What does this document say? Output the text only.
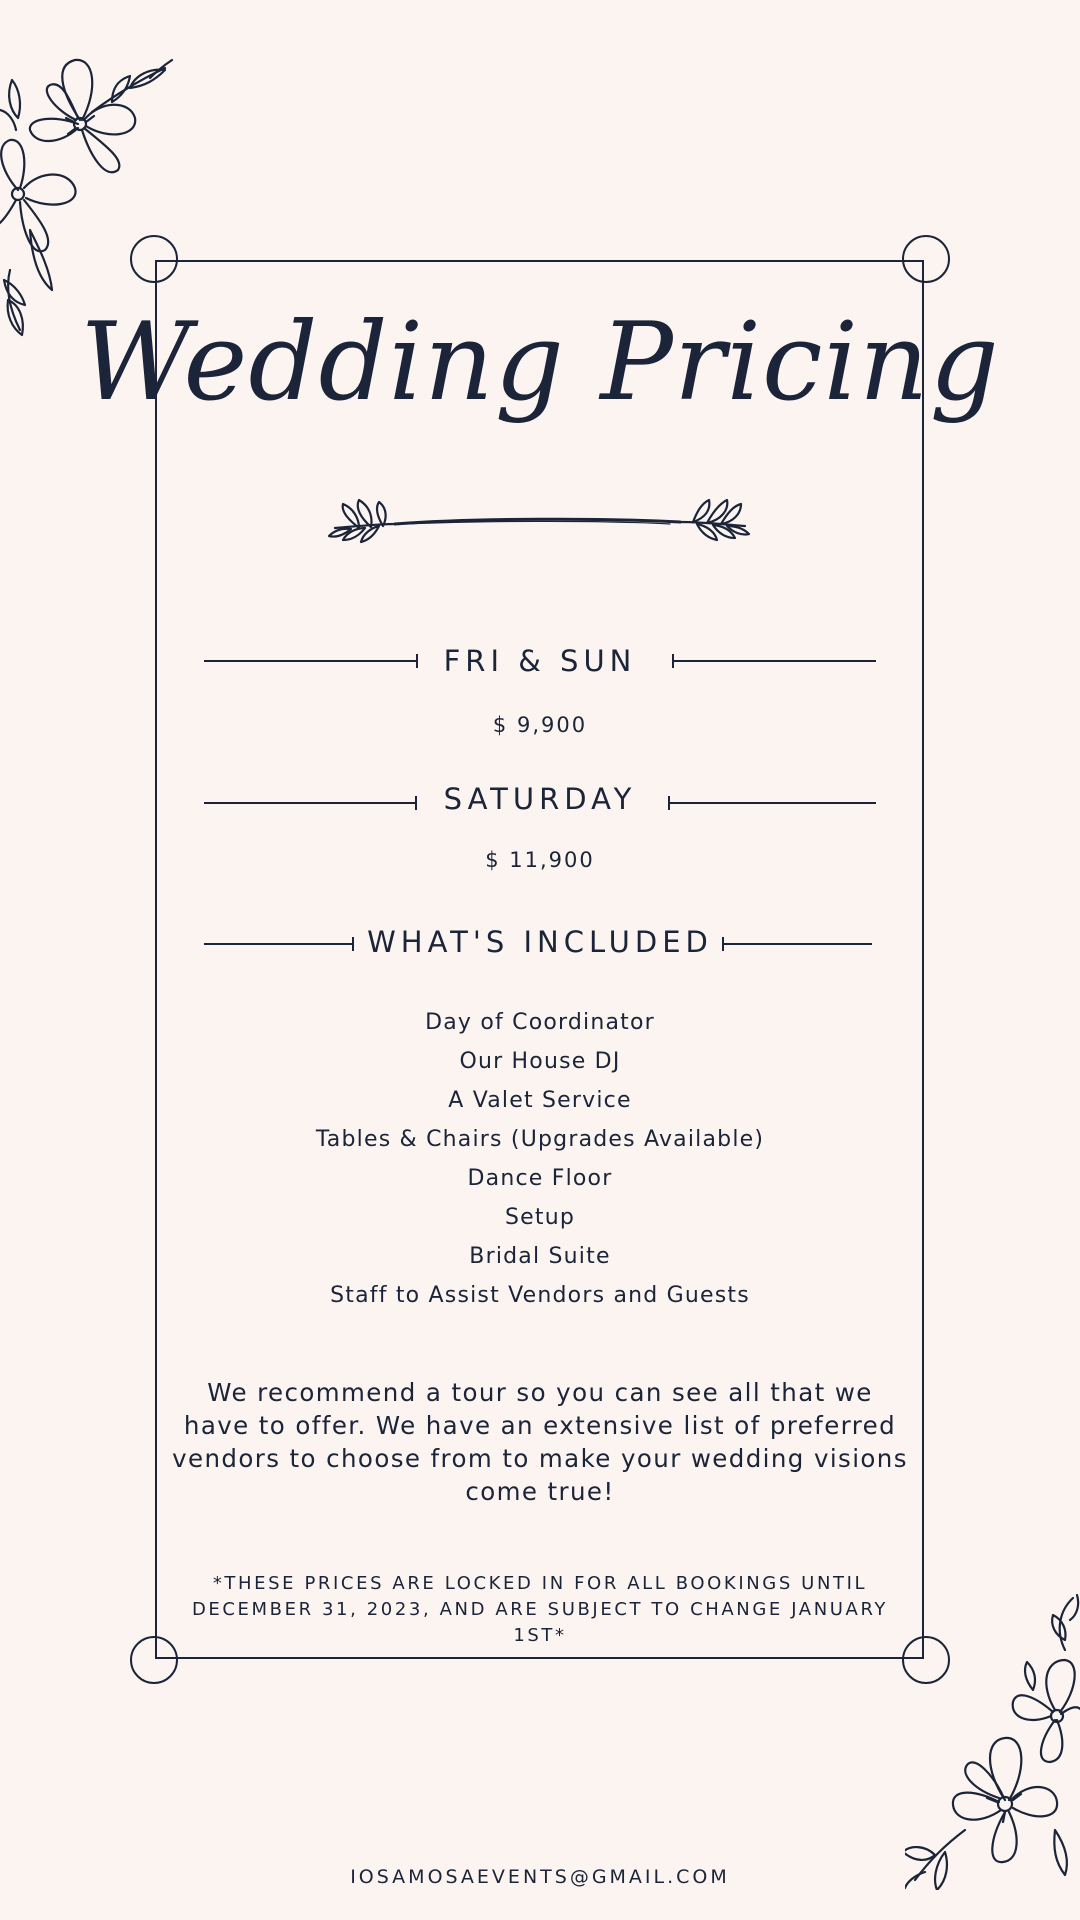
Wedding Pricing
FRI & SUN
$ 9,900
SATURDAY
$ 11,900
WHAT'S INCLUDED
Day of Coordinator
Our House DJ
A Valet Service
Tables & Chairs (Upgrades Available)
Dance Floor
Setup
Bridal Suite
Staff to Assist Vendors and Guests
We recommend a tour so you can see all that we have to offer. We have an extensive list of preferred vendors to choose from to make your wedding visions come true!
*THESE PRICES ARE LOCKED IN FOR ALL BOOKINGS UNTIL DECEMBER 31, 2023, AND ARE SUBJECT TO CHANGE JANUARY 1ST*
IOSAMOSAEVENTS@GMAIL.COM
